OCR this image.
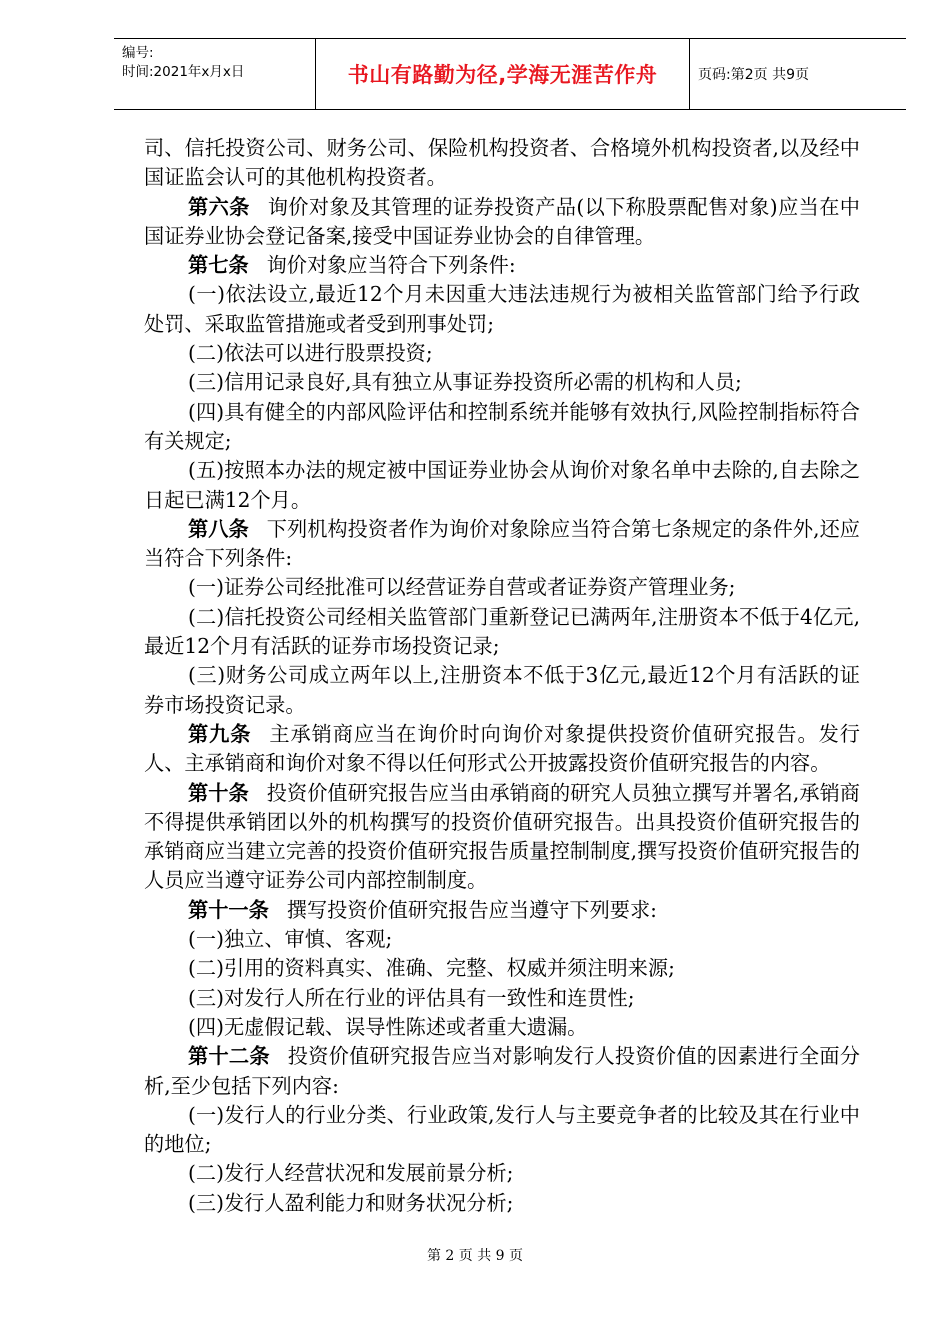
编号:
时间:2021年x月x日	书山有路勤为径,学海无涯苦作舟	页码:第2页 共9页

司、信托投资公司、财务公司、保险机构投资者、合格境外机构投资者,以及经中国证监会认可的其他机构投资者。

第六条 询价对象及其管理的证券投资产品(以下称股票配售对象)应当在中国证券业协会登记备案,接受中国证券业协会的自律管理。

第七条 询价对象应当符合下列条件:

(一)依法设立,最近12个月未因重大违法违规行为被相关监管部门给予行政处罚、采取监管措施或者受到刑事处罚;

(二)依法可以进行股票投资;

(三)信用记录良好,具有独立从事证券投资所必需的机构和人员;

(四)具有健全的内部风险评估和控制系统并能够有效执行,风险控制指标符合有关规定;

(五)按照本办法的规定被中国证券业协会从询价对象名单中去除的,自去除之日起已满12个月。

第八条 下列机构投资者作为询价对象除应当符合第七条规定的条件外,还应当符合下列条件:

(一)证券公司经批准可以经营证券自营或者证券资产管理业务;

(二)信托投资公司经相关监管部门重新登记已满两年,注册资本不低于4亿元,最近12个月有活跃的证券市场投资记录;

(三)财务公司成立两年以上,注册资本不低于3亿元,最近12个月有活跃的证券市场投资记录。

第九条 主承销商应当在询价时向询价对象提供投资价值研究报告。发行人、主承销商和询价对象不得以任何形式公开披露投资价值研究报告的内容。

第十条 投资价值研究报告应当由承销商的研究人员独立撰写并署名,承销商不得提供承销团以外的机构撰写的投资价值研究报告。出具投资价值研究报告的承销商应当建立完善的投资价值研究报告质量控制制度,撰写投资价值研究报告的人员应当遵守证券公司内部控制制度。

第十一条 撰写投资价值研究报告应当遵守下列要求:

(一)独立、审慎、客观;

(二)引用的资料真实、准确、完整、权威并须注明来源;

(三)对发行人所在行业的评估具有一致性和连贯性;

(四)无虚假记载、误导性陈述或者重大遗漏。

第十二条 投资价值研究报告应当对影响发行人投资价值的因素进行全面分析,至少包括下列内容:

(一)发行人的行业分类、行业政策,发行人与主要竞争者的比较及其在行业中的地位;

(二)发行人经营状况和发展前景分析;

(三)发行人盈利能力和财务状况分析;

第 2 页 共 9 页
